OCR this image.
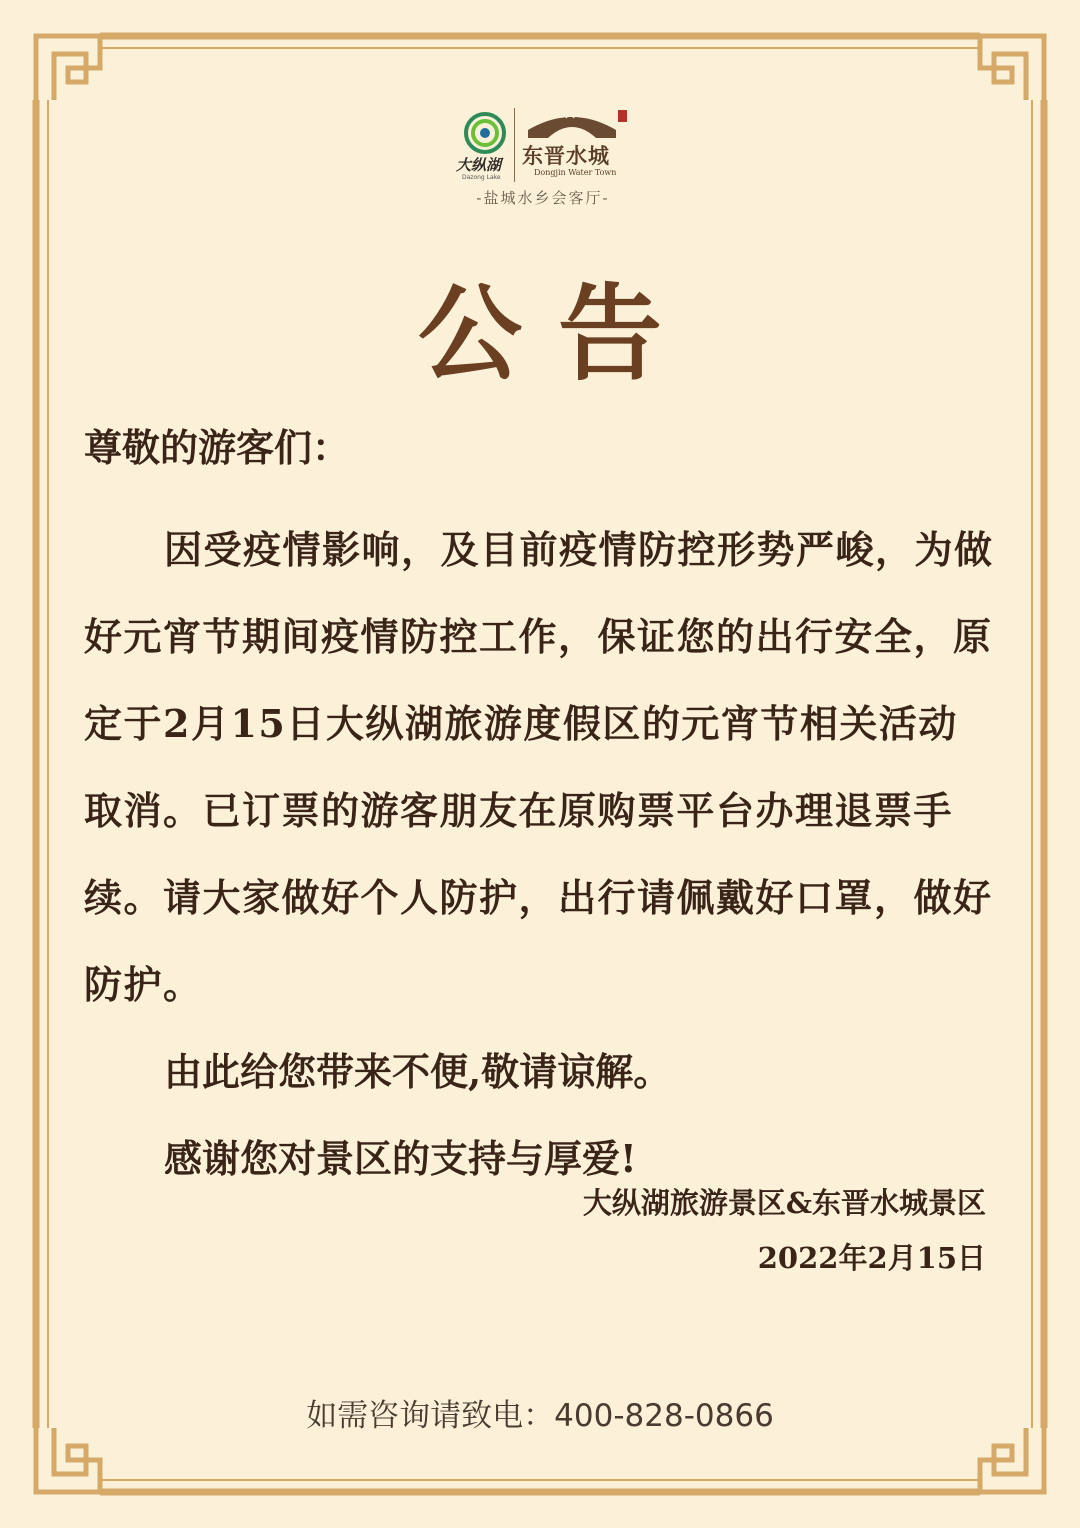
大纵湖
Dazong Lake
东晋水城
Dongjin Water Town
-盐城水乡会客厅-
公告

尊敬的游客们：

因受疫情影响，及目前疫情防控形势严峻，为做好元宵节期间疫情防控工作，保证您的出行安全，原定于2月15日大纵湖旅游度假区的元宵节相关活动取消。已订票的游客朋友在原购票平台办理退票手续。请大家做好个人防护，出行请佩戴好口罩，做好防护。

由此给您带来不便,敬请谅解。

感谢您对景区的支持与厚爱!

大纵湖旅游景区&东晋水城景区
2022年2月15日
如需咨询请致电：400-828-0866
